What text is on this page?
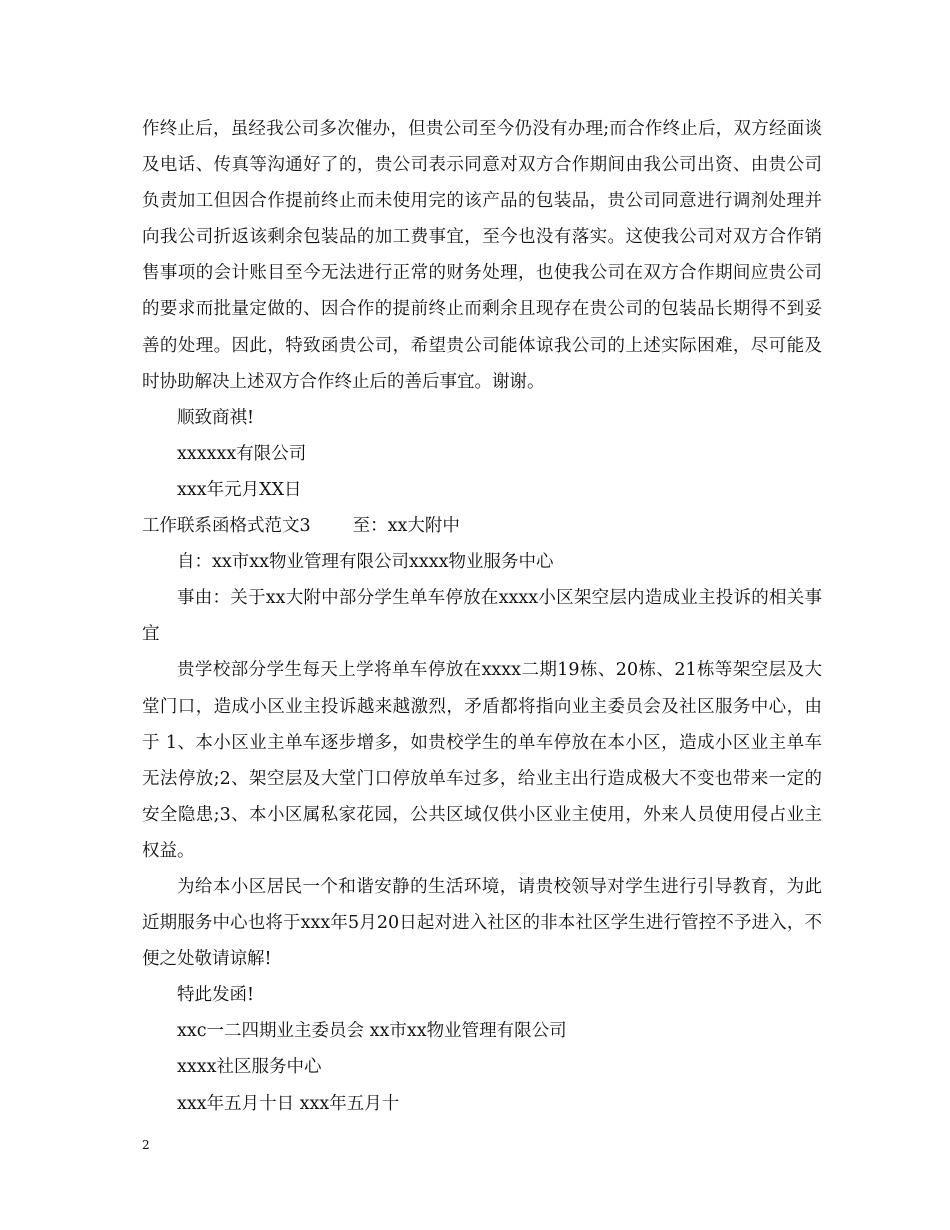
作终止后，虽经我公司多次催办，但贵公司至今仍没有办理;而合作终止后，双方经面谈及电话、传真等沟通好了的，贵公司表示同意对双方合作期间由我公司出资、由贵公司负责加工但因合作提前终止而未使用完的该产品的包装品，贵公司同意进行调剂处理并向我公司折返该剩余包装品的加工费事宜，至今也没有落实。这使我公司对双方合作销售事项的会计账目至今无法进行正常的财务处理，也使我公司在双方合作期间应贵公司的要求而批量定做的、因合作的提前终止而剩余且现存在贵公司的包装品长期得不到妥善的处理。因此，特致函贵公司，希望贵公司能体谅我公司的上述实际困难，尽可能及时协助解决上述双方合作终止后的善后事宜。谢谢。

顺致商祺!

xxxxxx有限公司

xxx年元月XX日

工作联系函格式范文3 至：xx大附中

自：xx市xx物业管理有限公司xxxx物业服务中心

事由：关于xx大附中部分学生单车停放在xxxx小区架空层内造成业主投诉的相关事宜

贵学校部分学生每天上学将单车停放在xxxx二期19栋、20栋、21栋等架空层及大堂门口，造成小区业主投诉越来越激烈，矛盾都将指向业主委员会及社区服务中心，由于 1、本小区业主单车逐步增多，如贵校学生的单车停放在本小区，造成小区业主单车无法停放;2、架空层及大堂门口停放单车过多，给业主出行造成极大不变也带来一定的安全隐患;3、本小区属私家花园，公共区域仅供小区业主使用，外来人员使用侵占业主权益。

为给本小区居民一个和谐安静的生活环境，请贵校领导对学生进行引导教育，为此近期服务中心也将于xxx年5月20日起对进入社区的非本社区学生进行管控不予进入，不便之处敬请谅解!

特此发函!

xxc一二四期业主委员会 xx市xx物业管理有限公司

xxxx社区服务中心

xxx年五月十日 xxx年五月十

2
